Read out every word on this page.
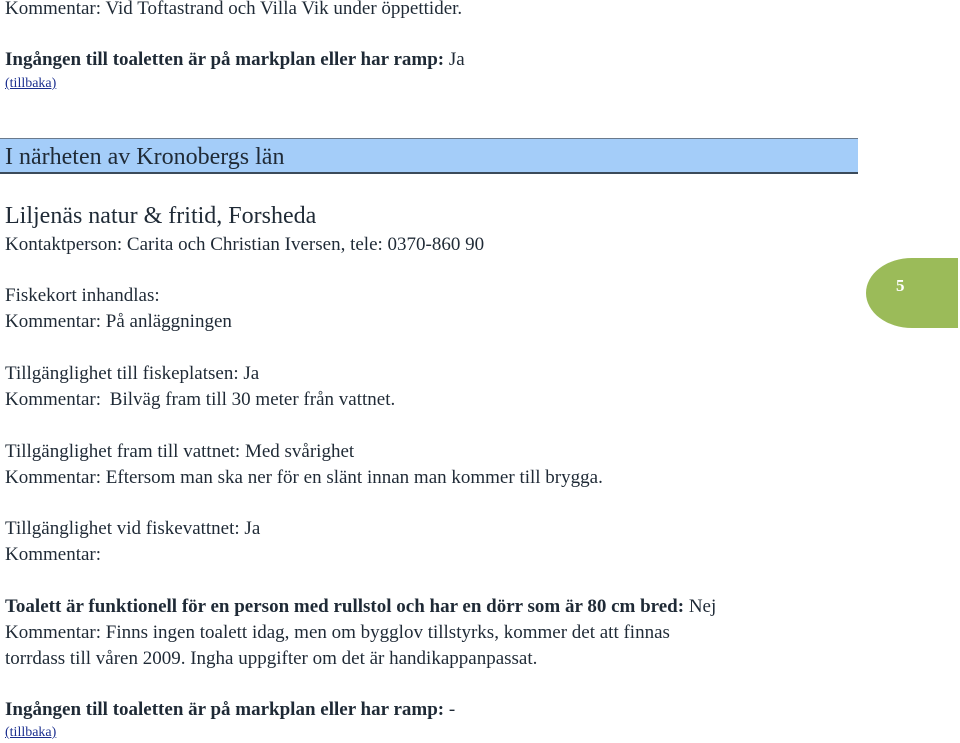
Kommentar: Vid Toftastrand och Villa Vik under öppettider.
Ingången till toaletten är på markplan eller har ramp: Ja
(tillbaka)
I närheten av Kronobergs län
Liljenäs natur & fritid, Forsheda
Kontaktperson: Carita och Christian Iversen, tele: 0370-860 90
Fiskekort inhandlas:
Kommentar: På anläggningen
5
Tillgänglighet till fiskeplatsen: Ja
Kommentar: Bilväg fram till 30 meter från vattnet.
Tillgänglighet fram till vattnet: Med svårighet
Kommentar: Eftersom man ska ner för en slänt innan man kommer till brygga.
Tillgänglighet vid fiskevattnet: Ja
Kommentar:
Toalett är funktionell för en person med rullstol och har en dörr som är 80 cm bred: Nej
Kommentar: Finns ingen toalett idag, men om bygglov tillstyrks, kommer det att finnas
torrdass till våren 2009. Ingha uppgifter om det är handikappanpassat.
Ingången till toaletten är på markplan eller har ramp: -
(tillbaka)
